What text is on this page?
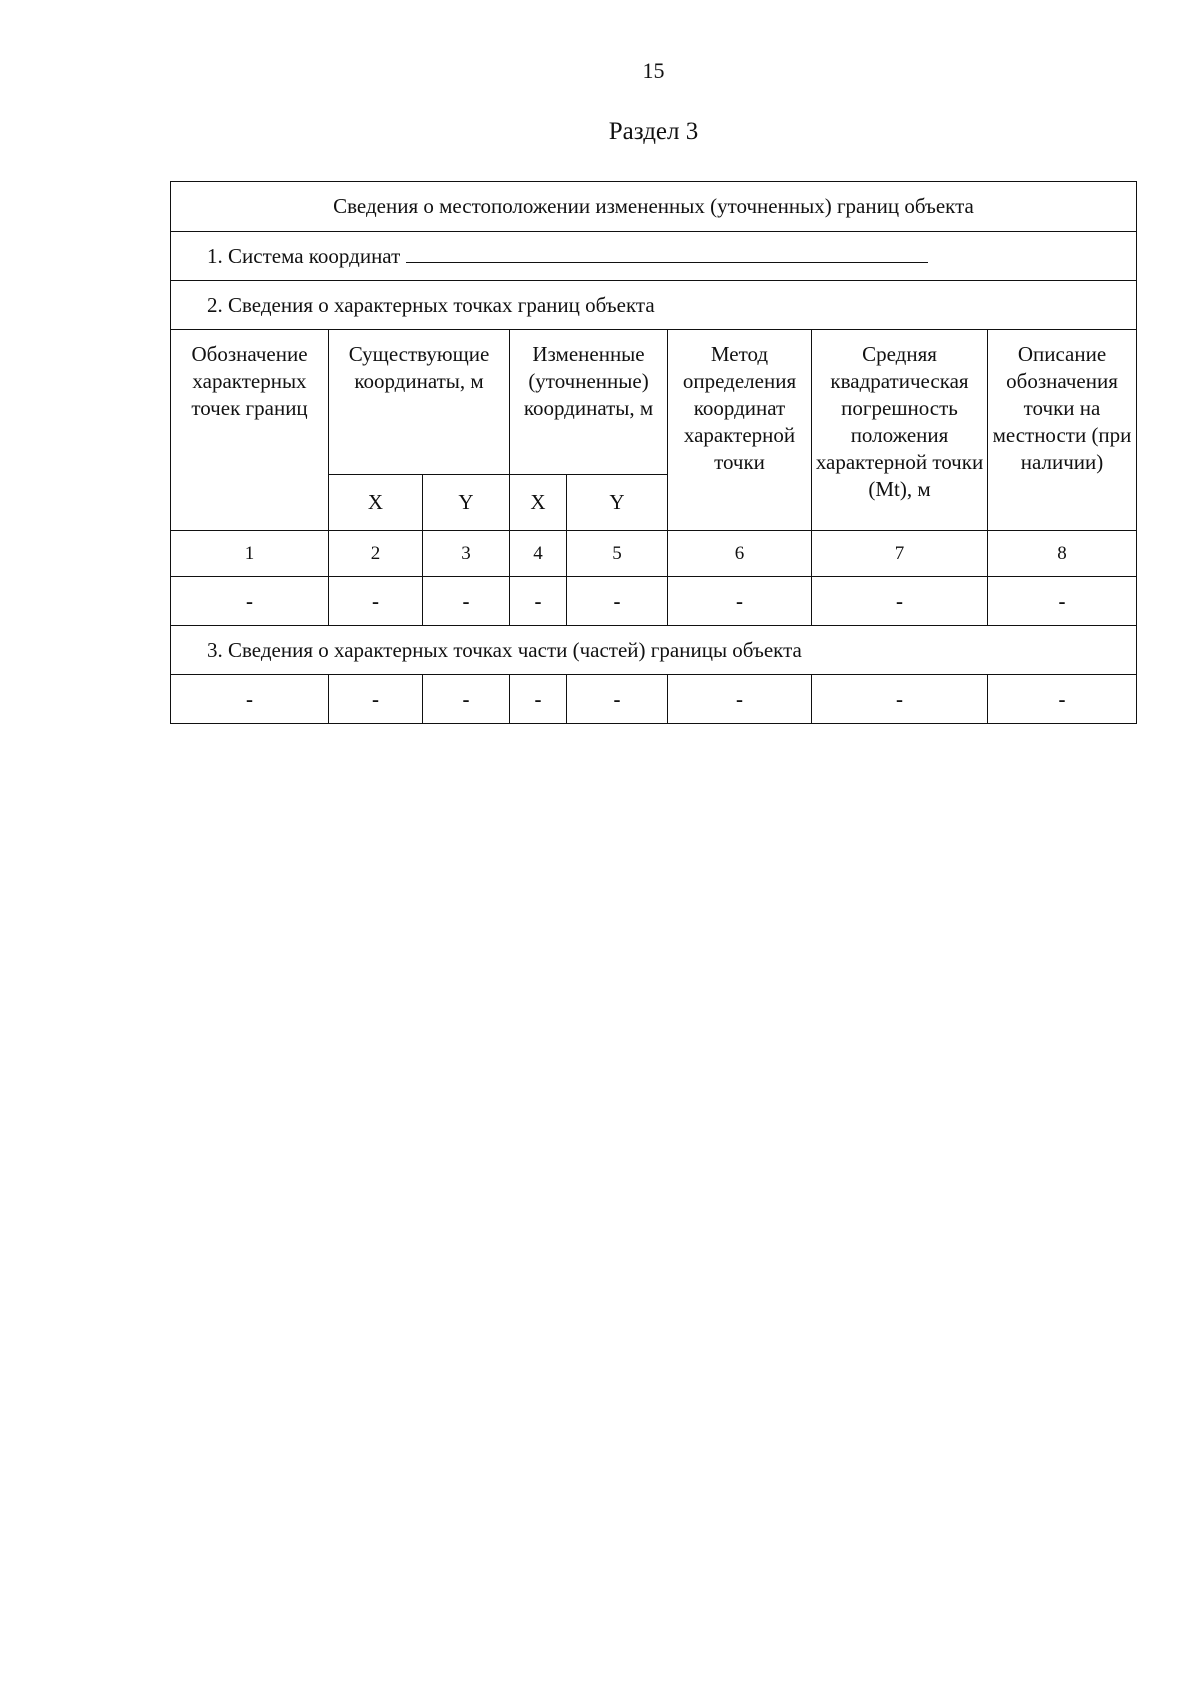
15
Раздел 3
Сведения о местоположении измененных (уточненных) границ объекта							
1. Система координат							
2. Сведения о характерных точках границ объекта							
Обозначение характерных точек границ	Существующие координаты, м		Измененные (уточненные) координаты, м		Метод определения координат характерной точки	Средняя квадратическая погрешность положения характерной точки (Mt), м	Описание обозначения точки на местности (при наличии)
	X	Y	X	Y			
1	2	3	4	5	6	7	8
-	-	-	-	-	-	-	-
3. Сведения о характерных точках части (частей) границы объекта							
-	-	-	-	-	-	-	-
